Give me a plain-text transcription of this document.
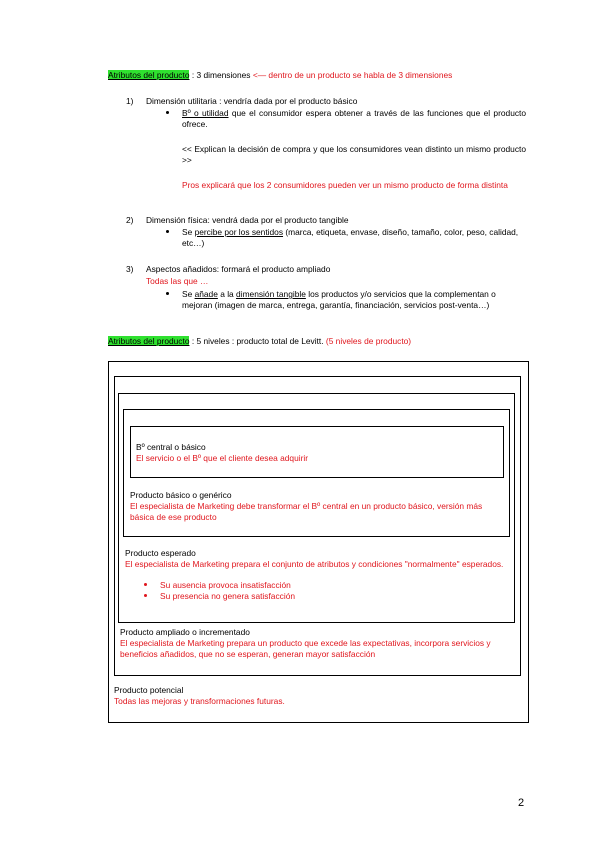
Atributos del producto : 3 dimensiones <— dentro de un producto se habla de 3 dimensiones
1) Dimensión utilitaria : vendría dada por el producto básico
Bº o utilidad que el consumidor espera obtener a través de las funciones que el producto ofrece.
<< Explican la decisión de compra y que los consumidores vean distinto un mismo producto >>
Pros explicará que los 2 consumidores pueden ver un mismo producto de forma distinta
2) Dimensión física: vendrá dada por el producto tangible
Se percibe por los sentidos (marca, etiqueta, envase, diseño, tamaño, color, peso, calidad, etc…)
3) Aspectos añadidos: formará el producto ampliado
Todas las que …
Se añade a la dimensión tangible los productos y/o servicios que la complementan o mejoran (imagen de marca, entrega, garantía, financiación, servicios post-venta…)
Atributos del producto : 5 niveles : producto total de Levitt. (5 niveles de producto)
Bº central o básico
El servicio o el Bº que el cliente desea adquirir
Producto básico o genérico
El especialista de Marketing debe transformar el Bº central en un producto básico, versión más básica de ese producto
Producto esperado
El especialista de Marketing prepara el conjunto de atributos y condiciones "normalmente" esperados.
Su ausencia provoca insatisfacción
Su presencia no genera satisfacción
Producto ampliado o incrementado
El especialista de Marketing prepara un producto que excede las expectativas, incorpora servicios y beneficios añadidos, que no se esperan, generan mayor satisfacción
Producto potencial
Todas las mejoras y transformaciones futuras.
2
